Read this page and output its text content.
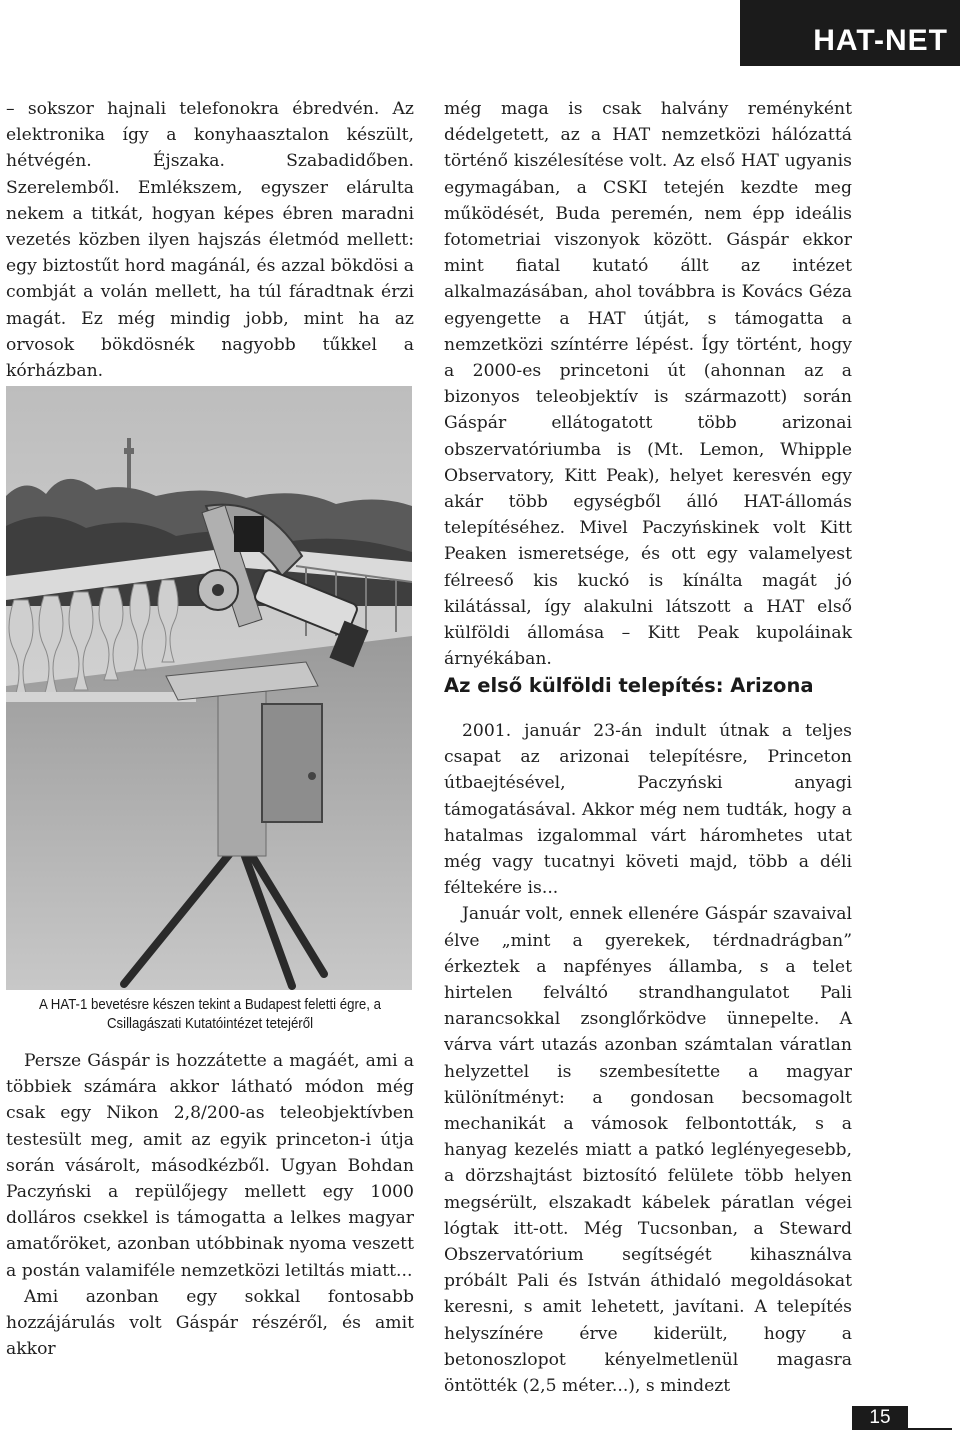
HAT-NET

– sokszor hajnali telefonokra ébredvén. Az elektronika így a konyhaasztalon készült, hétvégén. Éjszaka. Szabadidőben. Szerelemből. Emlékszem, egyszer elárulta nekem a titkát, hogyan képes ébren maradni vezetés közben ilyen hajszás életmód mellett: egy biztostűt hord magánál, és azzal bökdösi a combját a volán mellett, ha túl fáradtnak érzi magát. Ez még mindig jobb, mint ha az orvosok bökdösnék nagyobb tűkkel a kórházban.

A HAT-1 bevetésre készen tekint a Budapest feletti égre, a Csillagászati Kutatóintézet tetejéről

Persze Gáspár is hozzátette a magáét, ami a többiek számára akkor látható módon még csak egy Nikon 2,8/200-as teleobjektívben testesült meg, amit az egyik princeton-i útja során vásárolt, másodkézből. Ugyan Bohdan Paczyński a repülőjegy mellett egy 1000 dolláros csekkel is támogatta a lelkes magyar amatőröket, azonban utóbbinak nyoma veszett a postán valamiféle nemzetközi letiltás miatt...

Ami azonban egy sokkal fontosabb hozzájárulás volt Gáspár részéről, és amit akkor

még maga is csak halvány reményként dédelgetett, az a HAT nemzetközi hálózattá történő kiszélesítése volt. Az első HAT ugyanis egymagában, a CSKI tetején kezdte meg működését, Buda peremén, nem épp ideális fotometriai viszonyok között. Gáspár ekkor mint fiatal kutató állt az intézet alkalmazásában, ahol továbbra is Kovács Géza egyengette a HAT útját, s támogatta a nemzetközi színtérre lépést. Így történt, hogy a 2000-es princetoni út (ahonnan az a bizonyos teleobjektív is származott) során Gáspár ellátogatott több arizonai obszervatóriumba is (Mt. Lemon, Whipple Observatory, Kitt Peak), helyet keresvén egy akár több egységből álló HAT-állomás telepítéséhez. Mivel Paczyńskinek volt Kitt Peaken ismeretsége, és ott egy valamelyest félreeső kis kuckó is kínálta magát jó kilátással, így alakulni látszott a HAT első külföldi állomása – Kitt Peak kupoláinak árnyékában.

Az első külföldi telepítés: Arizona

2001. január 23-án indult útnak a teljes csapat az arizonai telepítésre, Princeton útbaejtésével, Paczyński anyagi támogatásával. Akkor még nem tudták, hogy a hatalmas izgalommal várt háromhetes utat még vagy tucatnyi követi majd, több a déli féltekére is...

Január volt, ennek ellenére Gáspár szavaival élve „mint a gyerekek, térdnadrágban” érkeztek a napfényes államba, s a telet hirtelen felváltó strandhangulatot Pali narancsokkal zsonglőrködve ünnepelte. A várva várt utazás azonban számtalan váratlan helyzettel is szembesítette a magyar különítményt: a gondosan becsomagolt mechanikát a vámosok felbontották, s a hanyag kezelés miatt a patkó leglényegesebb, a dörzshajtást biztosító felülete több helyen megsérült, elszakadt kábelek páratlan végei lógtak itt-ott. Még Tucsonban, a Steward Obszervatórium segítségét kihasználva próbált Pali és István áthidaló megoldásokat keresni, s amit lehetett, javítani. A telepítés helyszínére érve kiderült, hogy a betonoszlopot kényelmetlenül magasra öntötték (2,5 méter...), s mindezt

15
